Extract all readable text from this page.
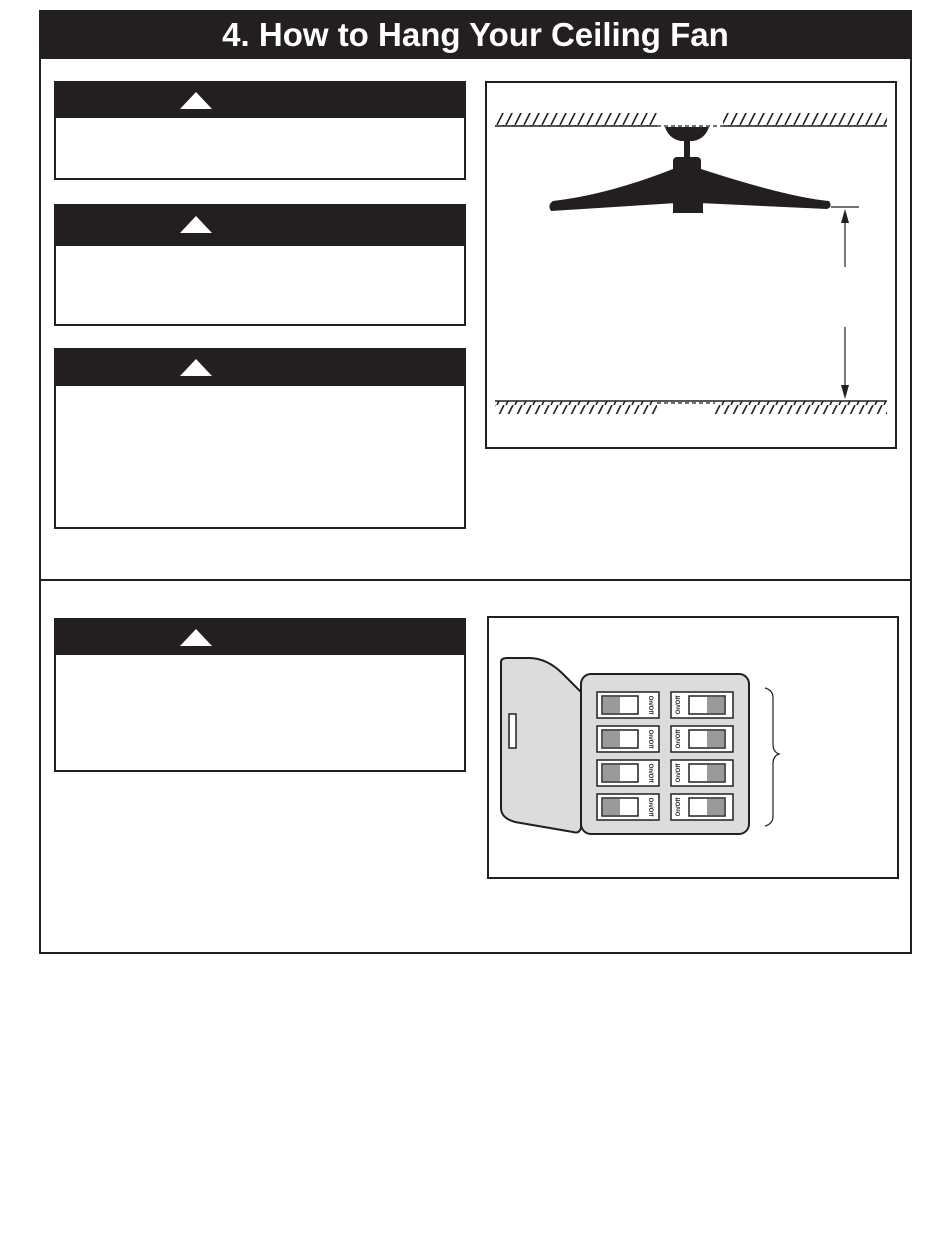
4. How to Hang Your Ceiling Fan
On/Off	On/Off
On/Off	On/Off
On/Off	On/Off
On/Off	On/Off
